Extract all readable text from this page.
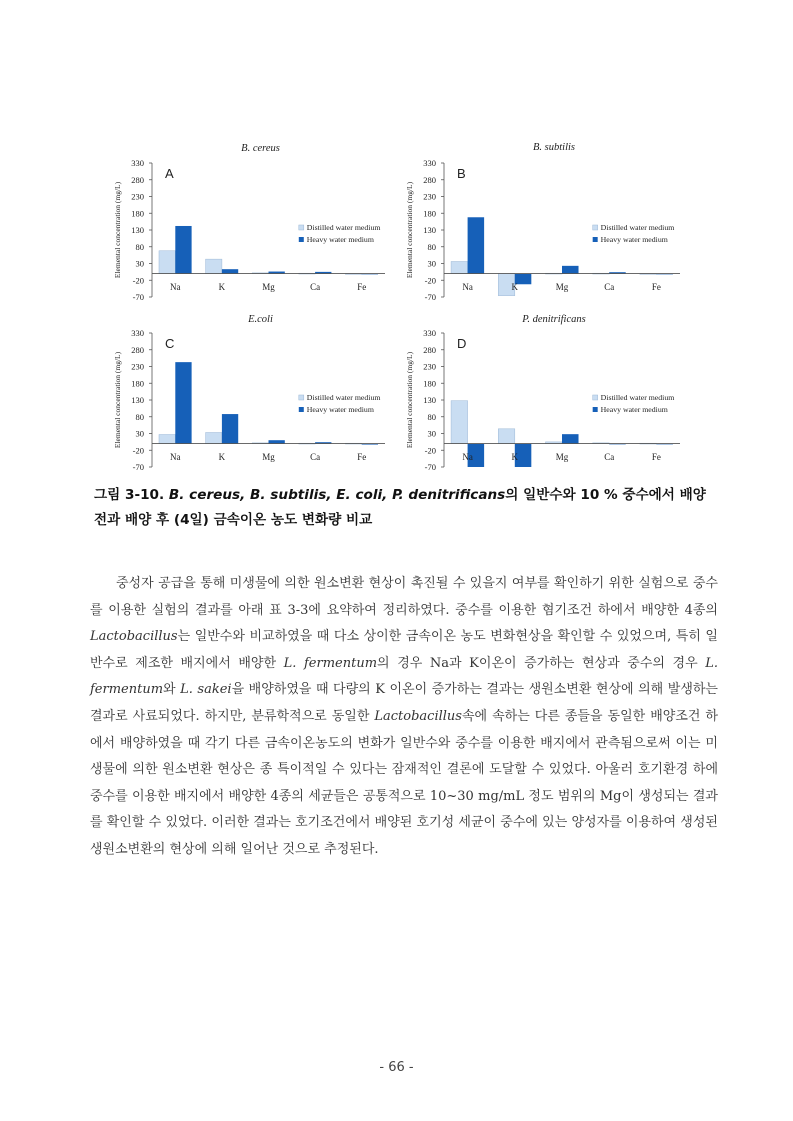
B. cereus
A
Elemental concentration (mg/L)
330
280
230
180
130
80
30
-20
-70
Na	K	Mg	Ca	Fe
Distilled water medium
Heavy water medium
B. subtilis
B
Elemental concentration (mg/L)
330
280
230
180
130
80
30
-20
-70
Na	K	Mg	Ca	Fe
Distilled water medium
Heavy water medium
E.coli
C
Elemental concentration (mg/L)
330
280
230
180
130
80
30
-20
-70
Na	K	Mg	Ca	Fe
Distilled water medium
Heavy water medium
P. denitrificans
D
Elemental concentration (mg/L)
330
280
230
180
130
80
30
-20
-70
Na	K	Mg	Ca	Fe
Distilled water medium
Heavy water medium
그림 3-10. B. cereus, B. subtilis, E. coli, P. denitrificans의 일반수와 10 % 중수에서 배양전과 배양 후 (4일) 금속이온 농도 변화량 비교

중성자 공급을 통해 미생물에 의한 원소변환 현상이 촉진될 수 있을지 여부를 확인하기 위한 실험으로 중수를 이용한 실험의 결과를 아래 표 3-3에 요약하여 정리하였다. 중수를 이용한 혐기조건 하에서 배양한 4종의 Lactobacillus는 일반수와 비교하였을 때 다소 상이한 금속이온 농도 변화현상을 확인할 수 있었으며, 특히 일반수로 제조한 배지에서 배양한 L. fermentum의 경우 Na과 K이온이 증가하는 현상과 중수의 경우 L. fermentum와 L. sakei을 배양하였을 때 다량의 K 이온이 증가하는 결과는 생원소변환 현상에 의해 발생하는 결과로 사료되었다. 하지만, 분류학적으로 동일한 Lactobacillus속에 속하는 다른 종들을 동일한 배양조건 하에서 배양하였을 때 각기 다른 금속이온농도의 변화가 일반수와 중수를 이용한 배지에서 관측됨으로써 이는 미생물에 의한 원소변환 현상은 종 특이적일 수 있다는 잠재적인 결론에 도달할 수 있었다. 아울러 호기환경 하에 중수를 이용한 배지에서 배양한 4종의 세균들은 공통적으로 10~30 mg/mL 정도 범위의 Mg이 생성되는 결과를 확인할 수 있었다. 이러한 결과는 호기조건에서 배양된 호기성 세균이 중수에 있는 양성자를 이용하여 생성된 생원소변환의 현상에 의해 일어난 것으로 추정된다.

- 66 -
